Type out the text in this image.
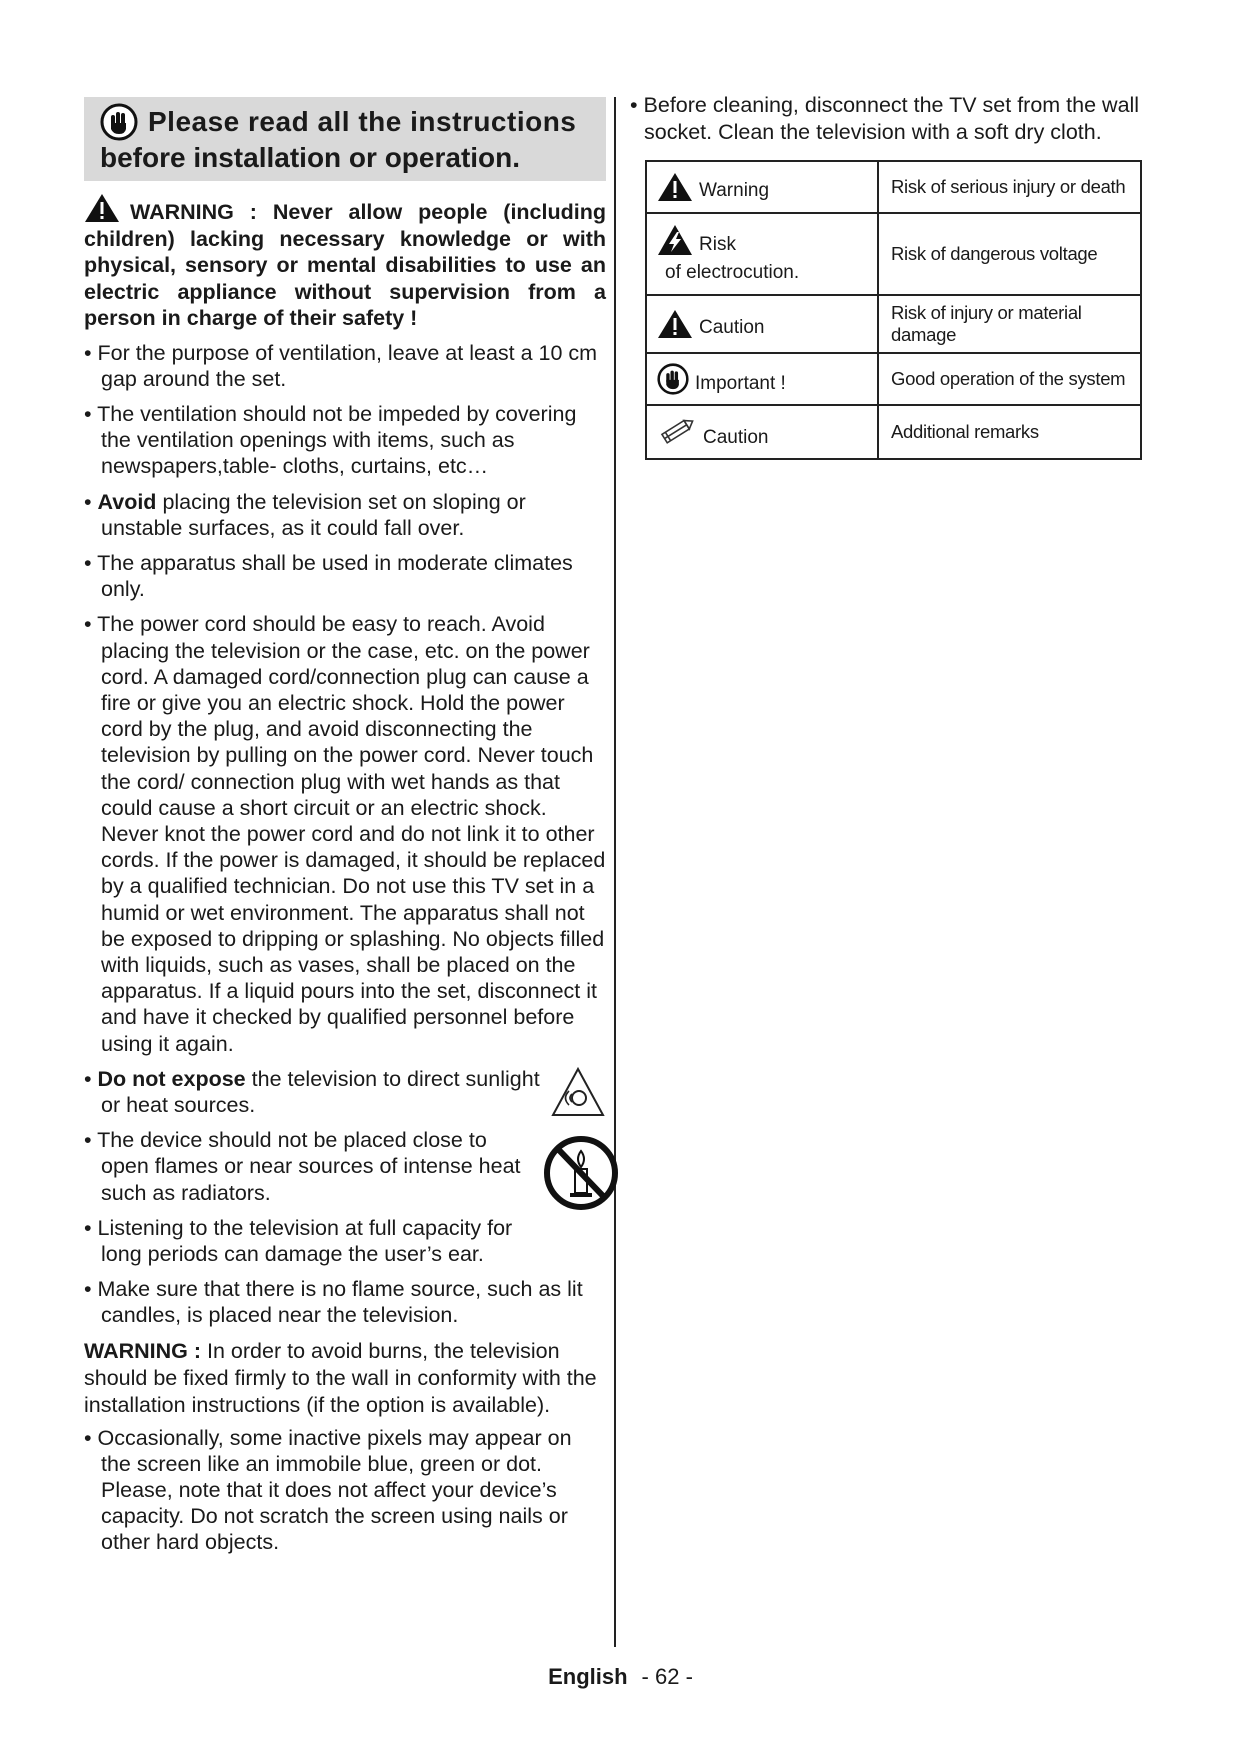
Please read all the instructions
before installation or operation.
WARNING : Never allow people (including children) lacking necessary knowledge or with physical, sensory or mental disabilities to use an electric appliance without supervision from a person in charge of their safety !
• For the purpose of ventilation, leave at least a 10 cm gap around the set.
• The ventilation should not be impeded by covering the ventilation openings with items, such as newspapers,table- cloths, curtains, etc…
• Avoid placing the television set on sloping or unstable surfaces, as it could fall over.
• The apparatus shall be used in moderate climates only.
• The power cord should be easy to reach. Avoid placing the television or the case, etc. on the power cord. A damaged cord/connection plug can cause a fire or give you an electric shock. Hold the power cord by the plug, and avoid disconnecting the television by pulling on the power cord. Never touch the cord/ connection plug with wet hands as that could cause a short circuit or an electric shock. Never knot the power cord and do not link it to other cords. If the power is damaged, it should be replaced by a qualified technician. Do not use this TV set in a humid or wet environment. The apparatus shall not be exposed to dripping or splashing. No objects filled with liquids, such as vases, shall be placed on the apparatus. If a liquid pours into the set, disconnect it and have it checked by qualified personnel before using it again.
• Do not expose the television to direct sunlight or heat sources.
• The device should not be placed close to open flames or near sources of intense heat such as radiators.
• Listening to the television at full capacity for long periods can damage the user’s ear.
• Make sure that there is no flame source, such as lit candles, is placed near the television.
WARNING : In order to avoid burns, the television should be fixed firmly to the wall in conformity with the installation instructions (if the option is available).
• Occasionally, some inactive pixels may appear on the screen like an immobile blue, green or dot. Please, note that it does not affect your device’s capacity. Do not scratch the screen using nails or other hard objects.
• Before cleaning, disconnect the TV set from the wall socket. Clean the television with a soft dry cloth.
Warning	Risk of serious injury or death

Risk
of electrocution.	Risk of dangerous voltage

Caution	Risk of injury or material damage

Important !	Good operation of the system

Caution	Additional remarks
English - 62 -
